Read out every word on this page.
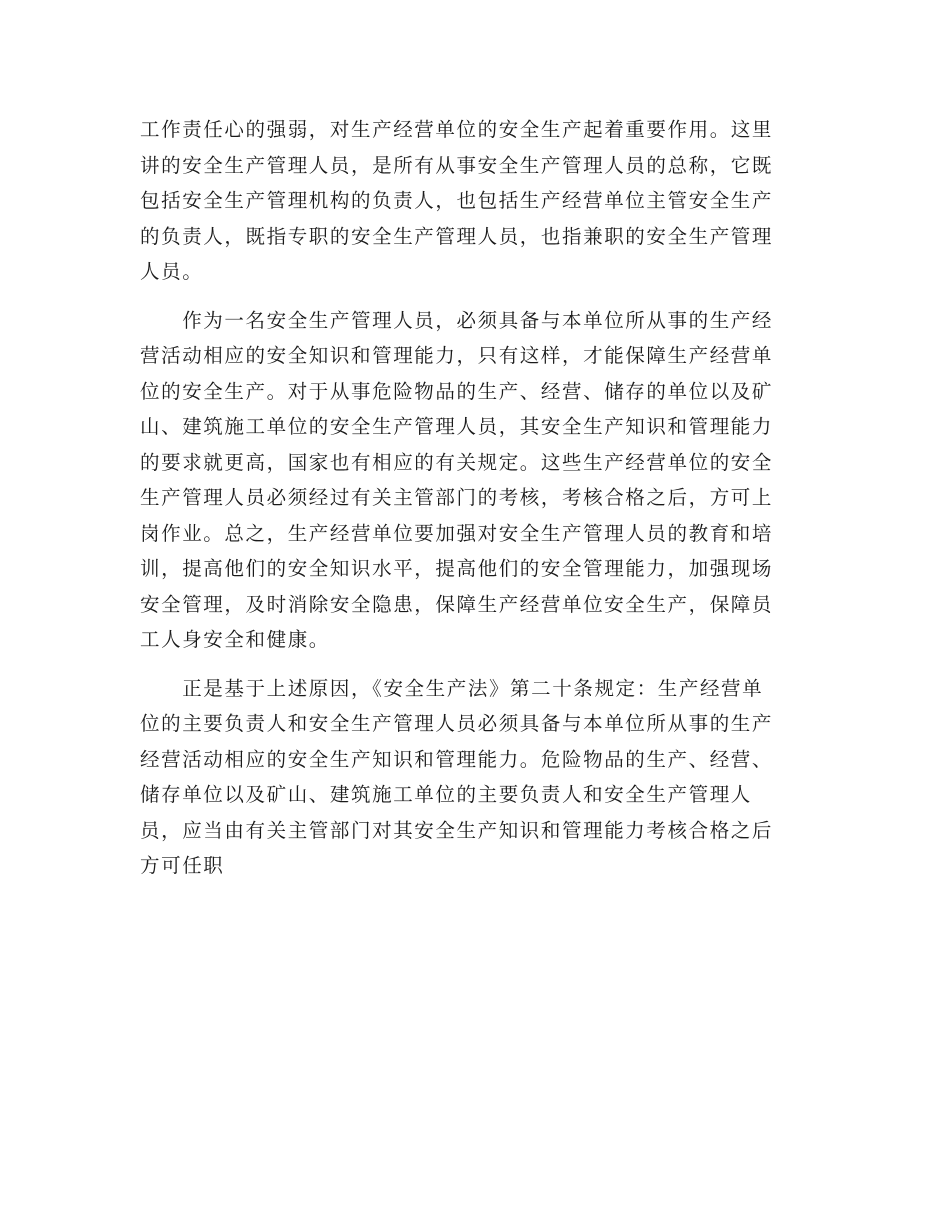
工作责任心的强弱，对生产经营单位的安全生产起着重要作用。这里
讲的安全生产管理人员，是所有从事安全生产管理人员的总称，它既
包括安全生产管理机构的负责人，也包括生产经营单位主管安全生产
的负责人，既指专职的安全生产管理人员，也指兼职的安全生产管理
人员。

　　作为一名安全生产管理人员，必须具备与本单位所从事的生产经
营活动相应的安全知识和管理能力，只有这样，才能保障生产经营单
位的安全生产。对于从事危险物品的生产、经营、储存的单位以及矿
山、建筑施工单位的安全生产管理人员，其安全生产知识和管理能力
的要求就更高，国家也有相应的有关规定。这些生产经营单位的安全
生产管理人员必须经过有关主管部门的考核，考核合格之后，方可上
岗作业。总之，生产经营单位要加强对安全生产管理人员的教育和培
训，提高他们的安全知识水平，提高他们的安全管理能力，加强现场
安全管理，及时消除安全隐患，保障生产经营单位安全生产，保障员
工人身安全和健康。

　　正是基于上述原因，《安全生产法》第二十条规定：生产经营单
位的主要负责人和安全生产管理人员必须具备与本单位所从事的生产
经营活动相应的安全生产知识和管理能力。危险物品的生产、经营、
储存单位以及矿山、建筑施工单位的主要负责人和安全生产管理人
员，应当由有关主管部门对其安全生产知识和管理能力考核合格之后
方可任职
